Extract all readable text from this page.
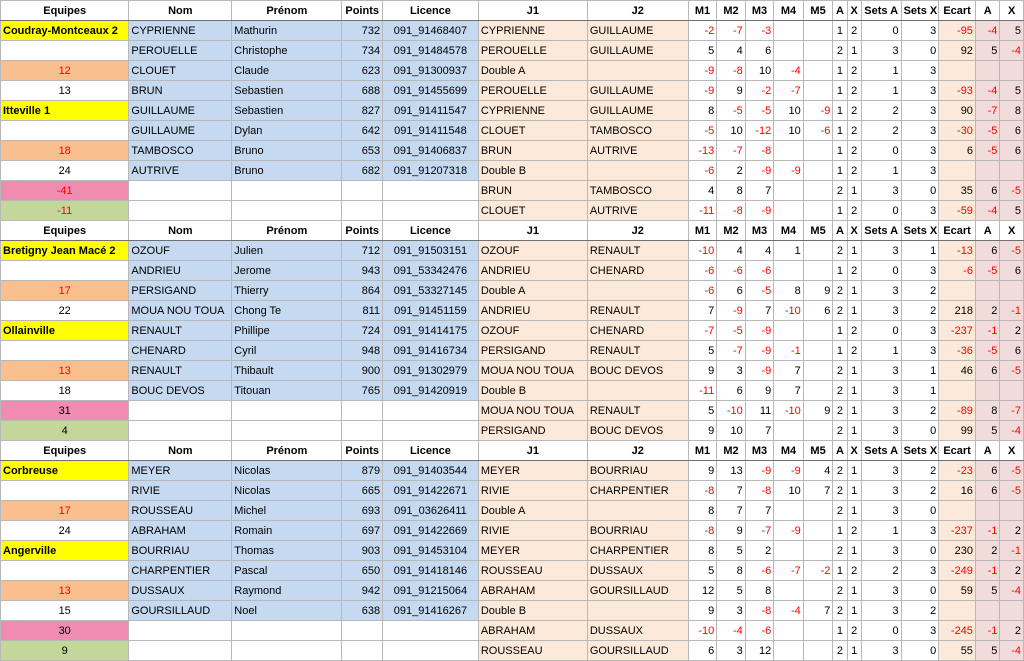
Equipes	Nom	Prénom	Points	Licence	J1	J2	M1	M2	M3	M4	M5	A	X	Sets A	Sets X	Ecart	A	X
Coudray-Montceaux 2	CYPRIENNE	Mathurin	732	091_91468407	CYPRIENNE	GUILLAUME	-2	-7	-3			1	2	0	3	-95	-4	5
	PEROUELLE	Christophe	734	091_91484578	PEROUELLE	GUILLAUME	5	4	6			2	1	3	0	92	5	-4
12	CLOUET	Claude	623	091_91300937	Double A		-9	-8	10	-4		1	2	1	3			
13	BRUN	Sebastien	688	091_91455699	PEROUELLE	GUILLAUME	-9	9	-2	-7		1	2	1	3	-93	-4	5
Itteville 1	GUILLAUME	Sebastien	827	091_91411547	CYPRIENNE	GUILLAUME	8	-5	-5	10	-9	1	2	2	3	90	-7	8
	GUILLAUME	Dylan	642	091_91411548	CLOUET	TAMBOSCO	-5	10	-12	10	-6	1	2	2	3	-30	-5	6
18	TAMBOSCO	Bruno	653	091_91406837	BRUN	AUTRIVE	-13	-7	-8			1	2	0	3	6	-5	6
24	AUTRIVE	Bruno	682	091_91207318	Double B		-6	2	-9	-9		1	2	1	3			
-41					BRUN	TAMBOSCO	4	8	7			2	1	3	0	35	6	-5
-11					CLOUET	AUTRIVE	-11	-8	-9			1	2	0	3	-59	-4	5
Equipes	Nom	Prénom	Points	Licence	J1	J2	M1	M2	M3	M4	M5	A	X	Sets A	Sets X	Ecart	A	X
Bretigny Jean Macé 2	OZOUF	Julien	712	091_91503151	OZOUF	RENAULT	-10	4	4	1		2	1	3	1	-13	6	-5
	ANDRIEU	Jerome	943	091_53342476	ANDRIEU	CHENARD	-6	-6	-6			1	2	0	3	-6	-5	6
17	PERSIGAND	Thierry	864	091_53327145	Double A		-6	6	-5	8	9	2	1	3	2			
22	MOUA NOU TOUA	Chong Te	811	091_91451159	ANDRIEU	RENAULT	7	-9	7	-10	6	2	1	3	2	218	2	-1
Ollainville	RENAULT	Phillipe	724	091_91414175	OZOUF	CHENARD	-7	-5	-9			1	2	0	3	-237	-1	2
	CHENARD	Cyril	948	091_91416734	PERSIGAND	RENAULT	5	-7	-9	-1		1	2	1	3	-36	-5	6
13	RENAULT	Thibault	900	091_91302979	MOUA NOU TOUA	BOUC DEVOS	9	3	-9	7		2	1	3	1	46	6	-5
18	BOUC DEVOS	Titouan	765	091_91420919	Double B		-11	6	9	7		2	1	3	1			
31					MOUA NOU TOUA	RENAULT	5	-10	11	-10	9	2	1	3	2	-89	8	-7
4					PERSIGAND	BOUC DEVOS	9	10	7			2	1	3	0	99	5	-4
Equipes	Nom	Prénom	Points	Licence	J1	J2	M1	M2	M3	M4	M5	A	X	Sets A	Sets X	Ecart	A	X
Corbreuse	MEYER	Nicolas	879	091_91403544	MEYER	BOURRIAU	9	13	-9	-9	4	2	1	3	2	-23	6	-5
	RIVIE	Nicolas	665	091_91422671	RIVIE	CHARPENTIER	-8	7	-8	10	7	2	1	3	2	16	6	-5
17	ROUSSEAU	Michel	693	091_03626411	Double A		8	7	7			2	1	3	0			
24	ABRAHAM	Romain	697	091_91422669	RIVIE	BOURRIAU	-8	9	-7	-9		1	2	1	3	-237	-1	2
Angerville	BOURRIAU	Thomas	903	091_91453104	MEYER	CHARPENTIER	8	5	2			2	1	3	0	230	2	-1
	CHARPENTIER	Pascal	650	091_91418146	ROUSSEAU	DUSSAUX	5	8	-6	-7	-2	1	2	2	3	-249	-1	2
13	DUSSAUX	Raymond	942	091_91215064	ABRAHAM	GOURSILLAUD	12	5	8			2	1	3	0	59	5	-4
15	GOURSILLAUD	Noel	638	091_91416267	Double B		9	3	-8	-4	7	2	1	3	2			
30					ABRAHAM	DUSSAUX	-10	-4	-6			1	2	0	3	-245	-1	2
9					ROUSSEAU	GOURSILLAUD	6	3	12			2	1	3	0	55	5	-4
